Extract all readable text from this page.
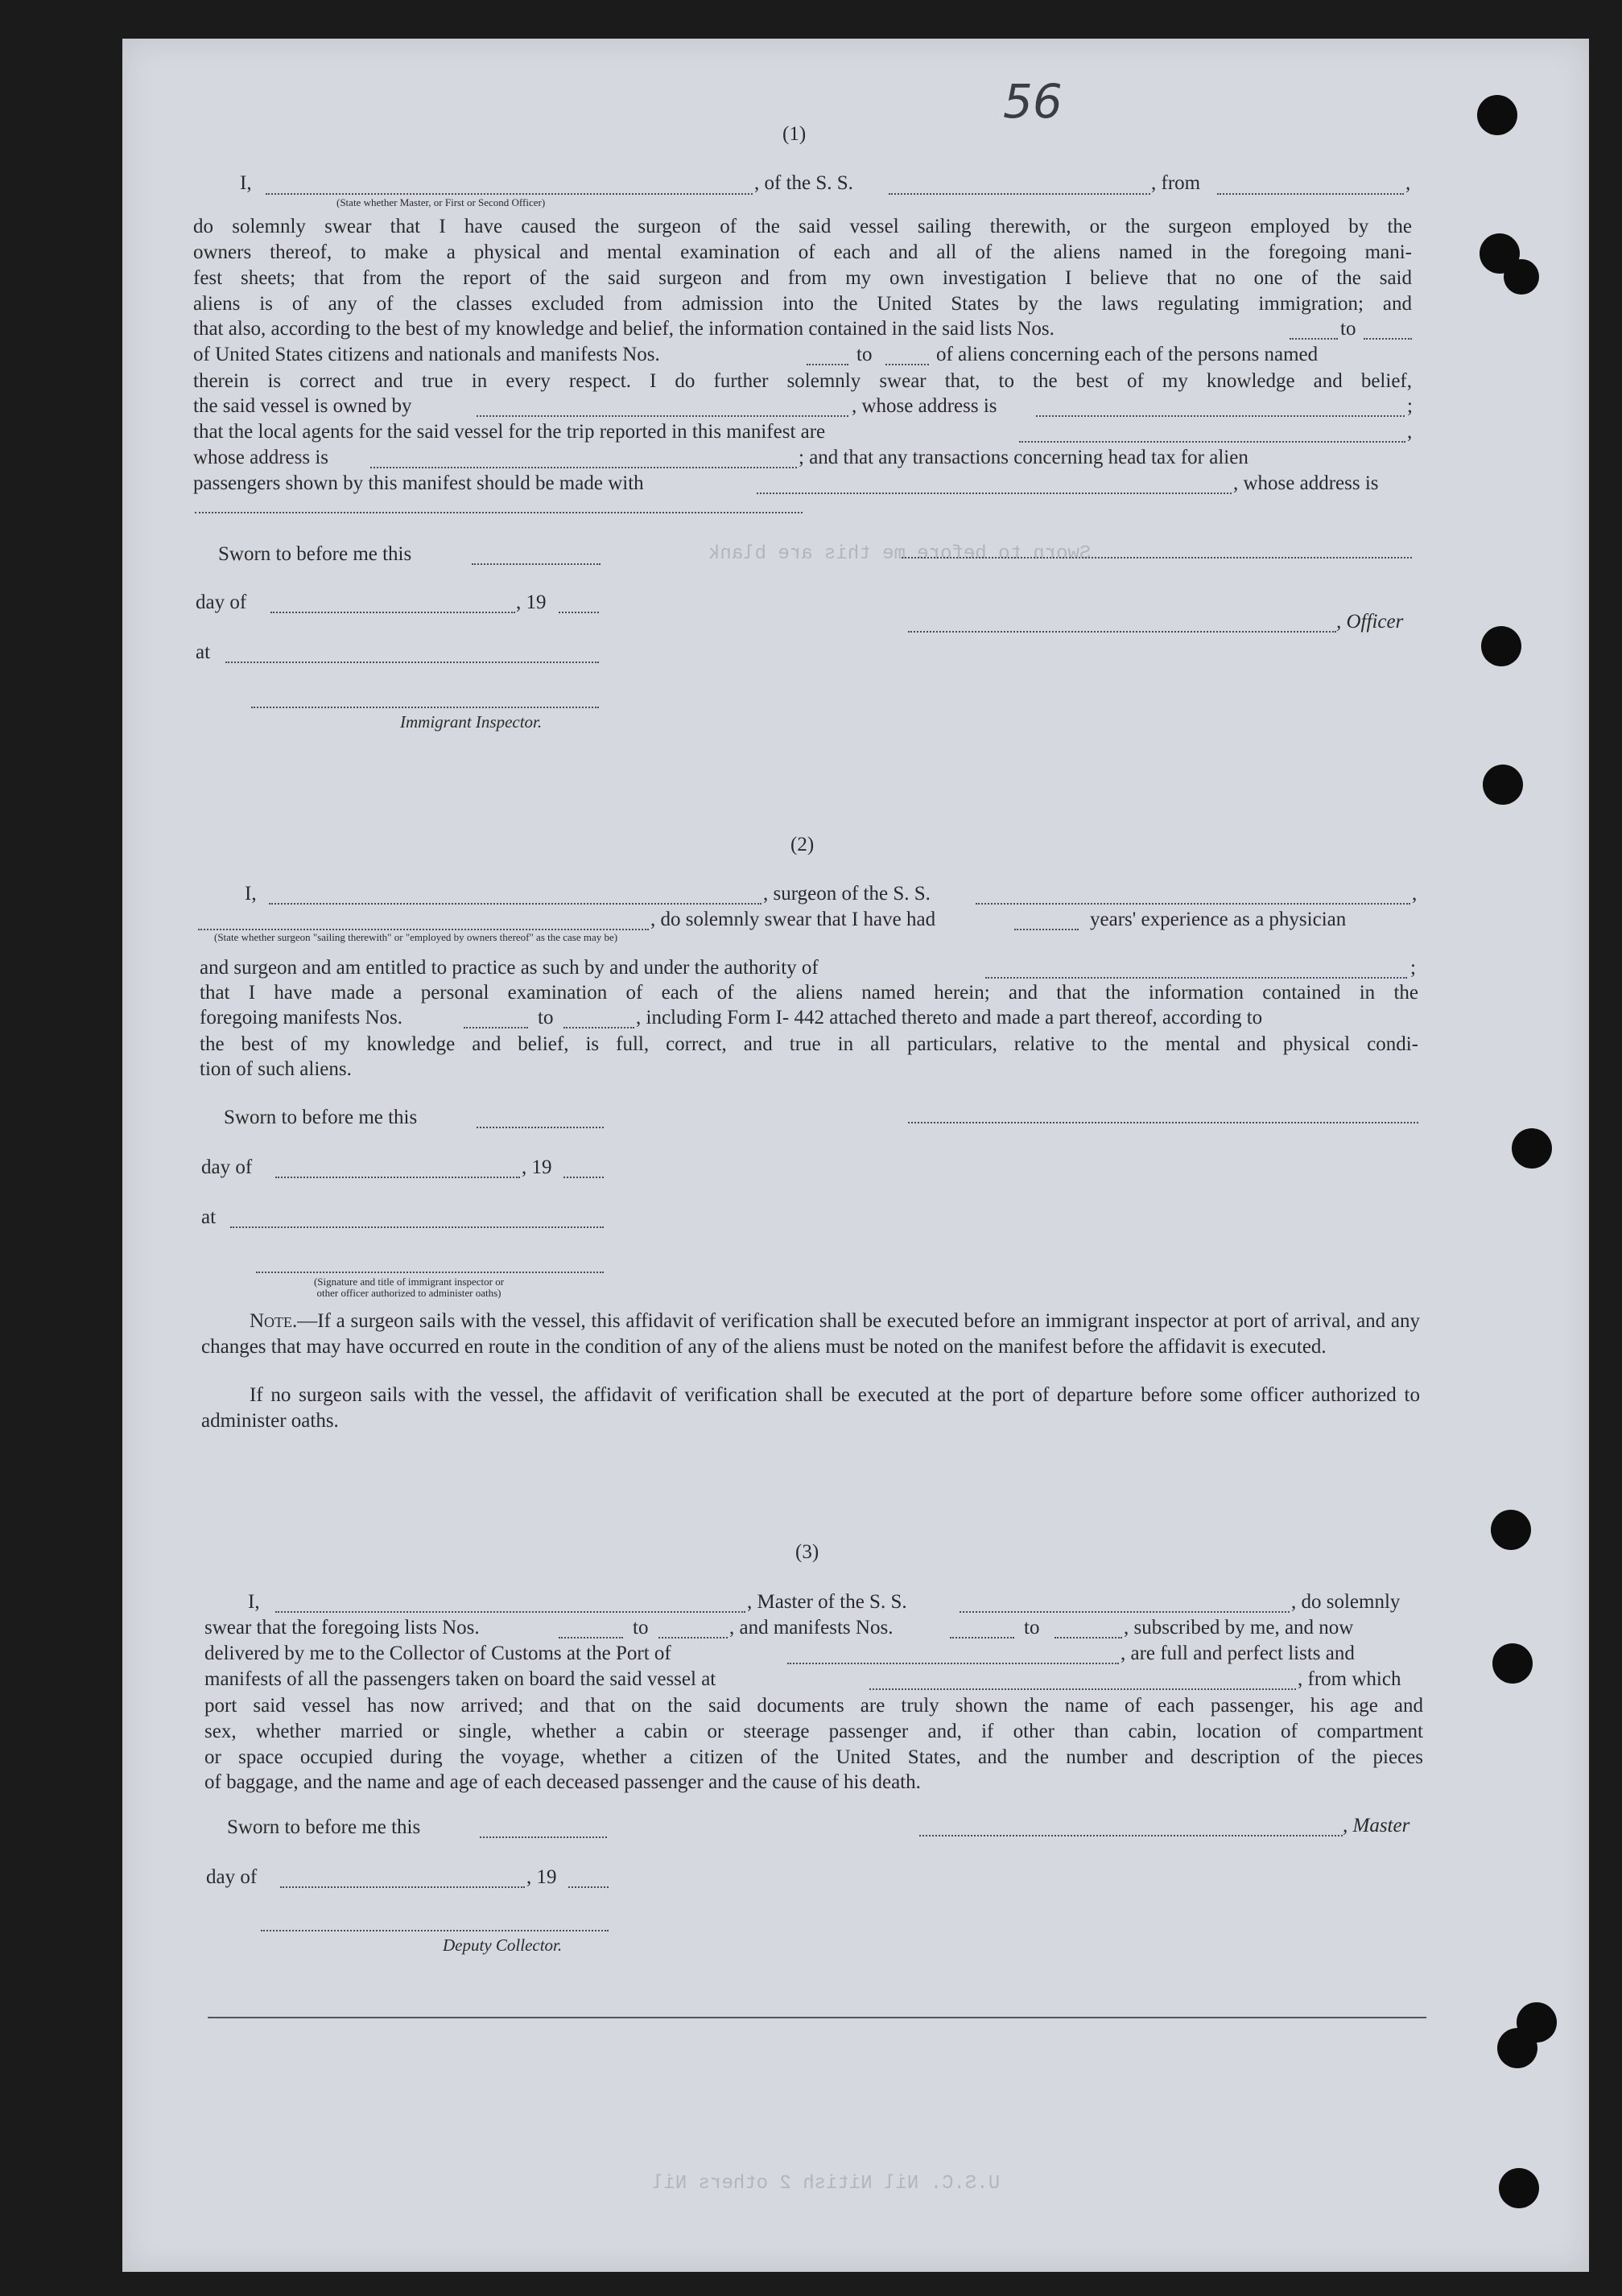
56
U.S.C. Nil Nitish 2 others Nil
Sworn to before me this are blank
(1)
I,	, of the S. S.	, from	,
(State whether Master, or First or Second Officer)
do solemnly swear that I have caused the surgeon of the said vessel sailing therewith, or the surgeon employed by the
owners thereof, to make a physical and mental examination of each and all of the aliens named in the foregoing mani-
fest sheets; that from the report of the said surgeon and from my own investigation I believe that no one of the said
aliens is of any of the classes excluded from admission into the United States by the laws regulating immigration; and
that also, according to the best of my knowledge and belief, the information contained in the said lists Nos.	to
of United States citizens and nationals and manifests Nos.	to	of aliens concerning each of the persons named
therein is correct and true in every respect. I do further solemnly swear that, to the best of my knowledge and belief,
the said vessel is owned by	, whose address is	;
that the local agents for the said vessel for the trip reported in this manifest are	,
whose address is	; and that any transactions concerning head tax for alien
passengers shown by this manifest should be made with	, whose address is
Sworn to before me this
day of	, 19
, Officer
at
Immigrant Inspector.
(2)
I,	, surgeon of the S. S.	,
, do solemnly swear that I have had	years' experience as a physician
(State whether surgeon "sailing therewith" or "employed by owners thereof" as the case may be)
and surgeon and am entitled to practice as such by and under the authority of	;
that I have made a personal examination of each of the aliens named herein; and that the information contained in the
foregoing manifests Nos.	to	, including Form I- 442 attached thereto and made a part thereof, according to
the best of my knowledge and belief, is full, correct, and true in all particulars, relative to the mental and physical condi-
tion of such aliens.
Sworn to before me this
day of	, 19
at
(Signature and title of immigrant inspector or
other officer authorized to administer oaths)
Note.—If a surgeon sails with the vessel, this affidavit of verification shall be executed before an immigrant inspector at port of arrival, and any changes that may have occurred en route in the condition of any of the aliens must be noted on the manifest before the affidavit is executed.
If no surgeon sails with the vessel, the affidavit of verification shall be executed at the port of departure before some officer authorized to administer oaths.
(3)
I,	, Master of the S. S.	, do solemnly
swear that the foregoing lists Nos.	to	, and manifests Nos.	to	, subscribed by me, and now
delivered by me to the Collector of Customs at the Port of	, are full and perfect lists and
manifests of all the passengers taken on board the said vessel at	, from which
port said vessel has now arrived; and that on the said documents are truly shown the name of each passenger, his age and
sex, whether married or single, whether a cabin or steerage passenger and, if other than cabin, location of compartment
or space occupied during the voyage, whether a citizen of the United States, and the number and description of the pieces
of baggage, and the name and age of each deceased passenger and the cause of his death.
Sworn to before me this	, Master
day of	, 19
Deputy Collector.
